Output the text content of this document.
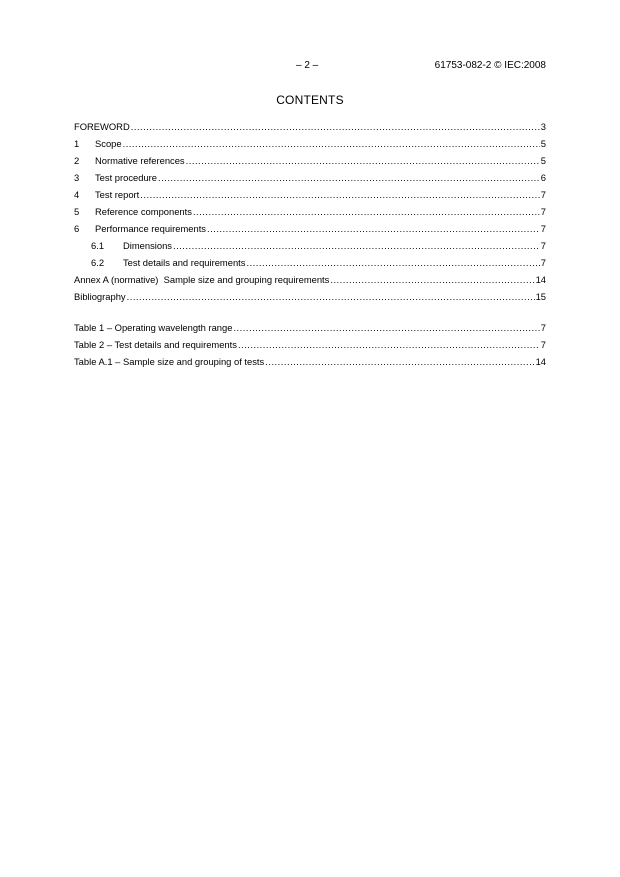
– 2 –	61753-082-2 © IEC:2008
CONTENTS
FOREWORD .....	3
1	Scope .....	5
2	Normative references .....	5
3	Test procedure .....	6
4	Test report .....	7
5	Reference components .....	7
6	Performance requirements .....	7
6.1	Dimensions .....	7
6.2	Test details and requirements .....	7
Annex A (normative)  Sample size and grouping requirements .....	14
Bibliography .....	15
Table 1 – Operating wavelength range .....	7
Table 2 – Test details and requirements .....	7
Table A.1 – Sample size and grouping of tests .....	14
